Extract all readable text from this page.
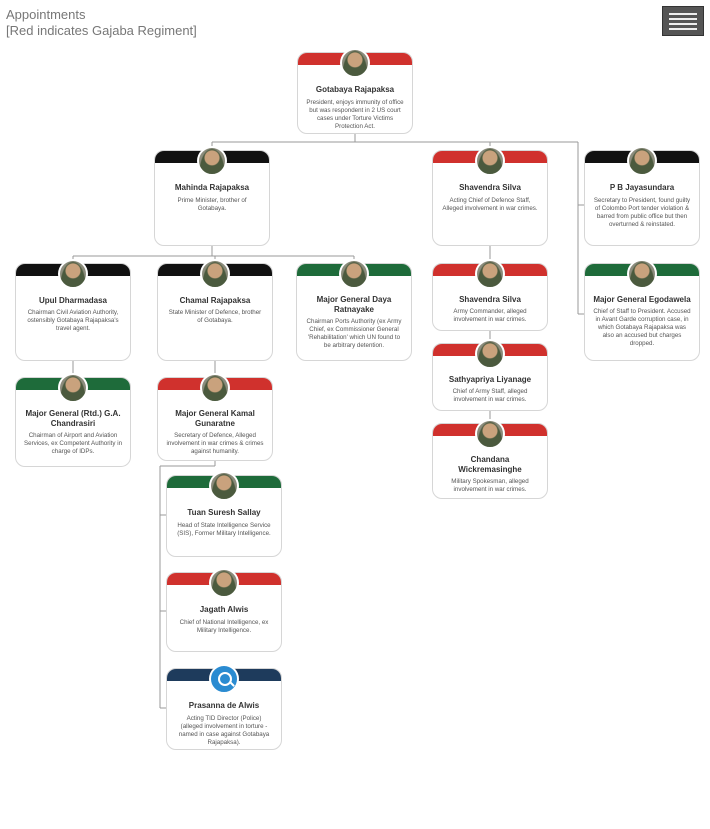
Appointments
[Red indicates Gajaba Regiment]
Gotabaya Rajapaksa
President, enjoys immunity of office but was respondent in 2 US court cases under Torture Victims Protection Act.
Mahinda Rajapaksa
Prime Minister, brother of Gotabaya.
Shavendra Silva
Acting Chief of Defence Staff, Alleged involvement in war crimes.
P B Jayasundara
Secretary to President, found guilty of Colombo Port tender violation & barred from public office but then overturned & reinstated.
Upul Dharmadasa
Chairman Civil Aviation Authority, ostensibly Gotabaya Rajapaksa's travel agent.
Chamal Rajapaksa
State Minister of Defence, brother of Gotabaya.
Major General Daya Ratnayake
Chairman Ports Authority (ex Army Chief, ex Commissioner General 'Rehabilitation' which UN found to be arbitrary detention.
Shavendra Silva
Army Commander, alleged involvement in war crimes.
Major General Egodawela
Chief of Staff to President. Accused in Avant Garde corruption case, in which Gotabaya Rajapaksa was also an accused but charges dropped.
Major General (Rtd.) G.A. Chandrasiri
Chairman of Airport and Aviation Services, ex Competent Authority in charge of IDPs.
Major General Kamal Gunaratne
Secretary of Defence, Alleged involvement in war crimes & crimes against humanity.
Sathyapriya Liyanage
Chief of Army Staff, alleged involvement in war crimes.
Chandana Wickremasinghe
Military Spokesman, alleged involvement in war crimes.
Tuan Suresh Sallay
Head of State Intelligence Service (SIS), Former Military Intelligence.
Jagath Alwis
Chief of National Intelligence, ex Military Intelligence.
Prasanna de Alwis
Acting TID Director (Police) (alleged involvement in torture - named in case against Gotabaya Rajapaksa).
